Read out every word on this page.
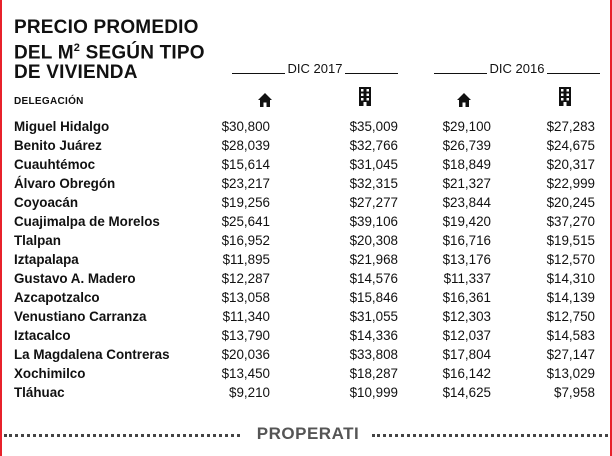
PRECIO PROMEDIO
DEL $M^2$ SEGÚN TIPO
DE VIVIENDA	DIC 2017	DIC 2016
DELEGACIÓN
Miguel Hidalgo	$30,800	$35,009	$29,100	$27,283
Benito Juárez	$28,039	$32,766	$26,739	$24,675
Cuauhtémoc	$15,614	$31,045	$18,849	$20,317
Álvaro Obregón	$23,217	$32,315	$21,327	$22,999
Coyoacán	$19,256	$27,277	$23,844	$20,245
Cuajimalpa de Morelos	$25,641	$39,106	$19,420	$37,270
Tlalpan	$16,952	$20,308	$16,716	$19,515
Iztapalapa	$11,895	$21,968	$13,176	$12,570
Gustavo A. Madero	$12,287	$14,576	$11,337	$14,310
Azcapotzalco	$13,058	$15,846	$16,361	$14,139
Venustiano Carranza	$11,340	$31,055	$12,303	$12,750
Iztacalco	$13,790	$14,336	$12,037	$14,583
La Magdalena Contreras	$20,036	$33,808	$17,804	$27,147
Xochimilco	$13,450	$18,287	$16,142	$13,029
Tláhuac	$9,210	$10,999	$14,625	$7,958
PROPERATI
